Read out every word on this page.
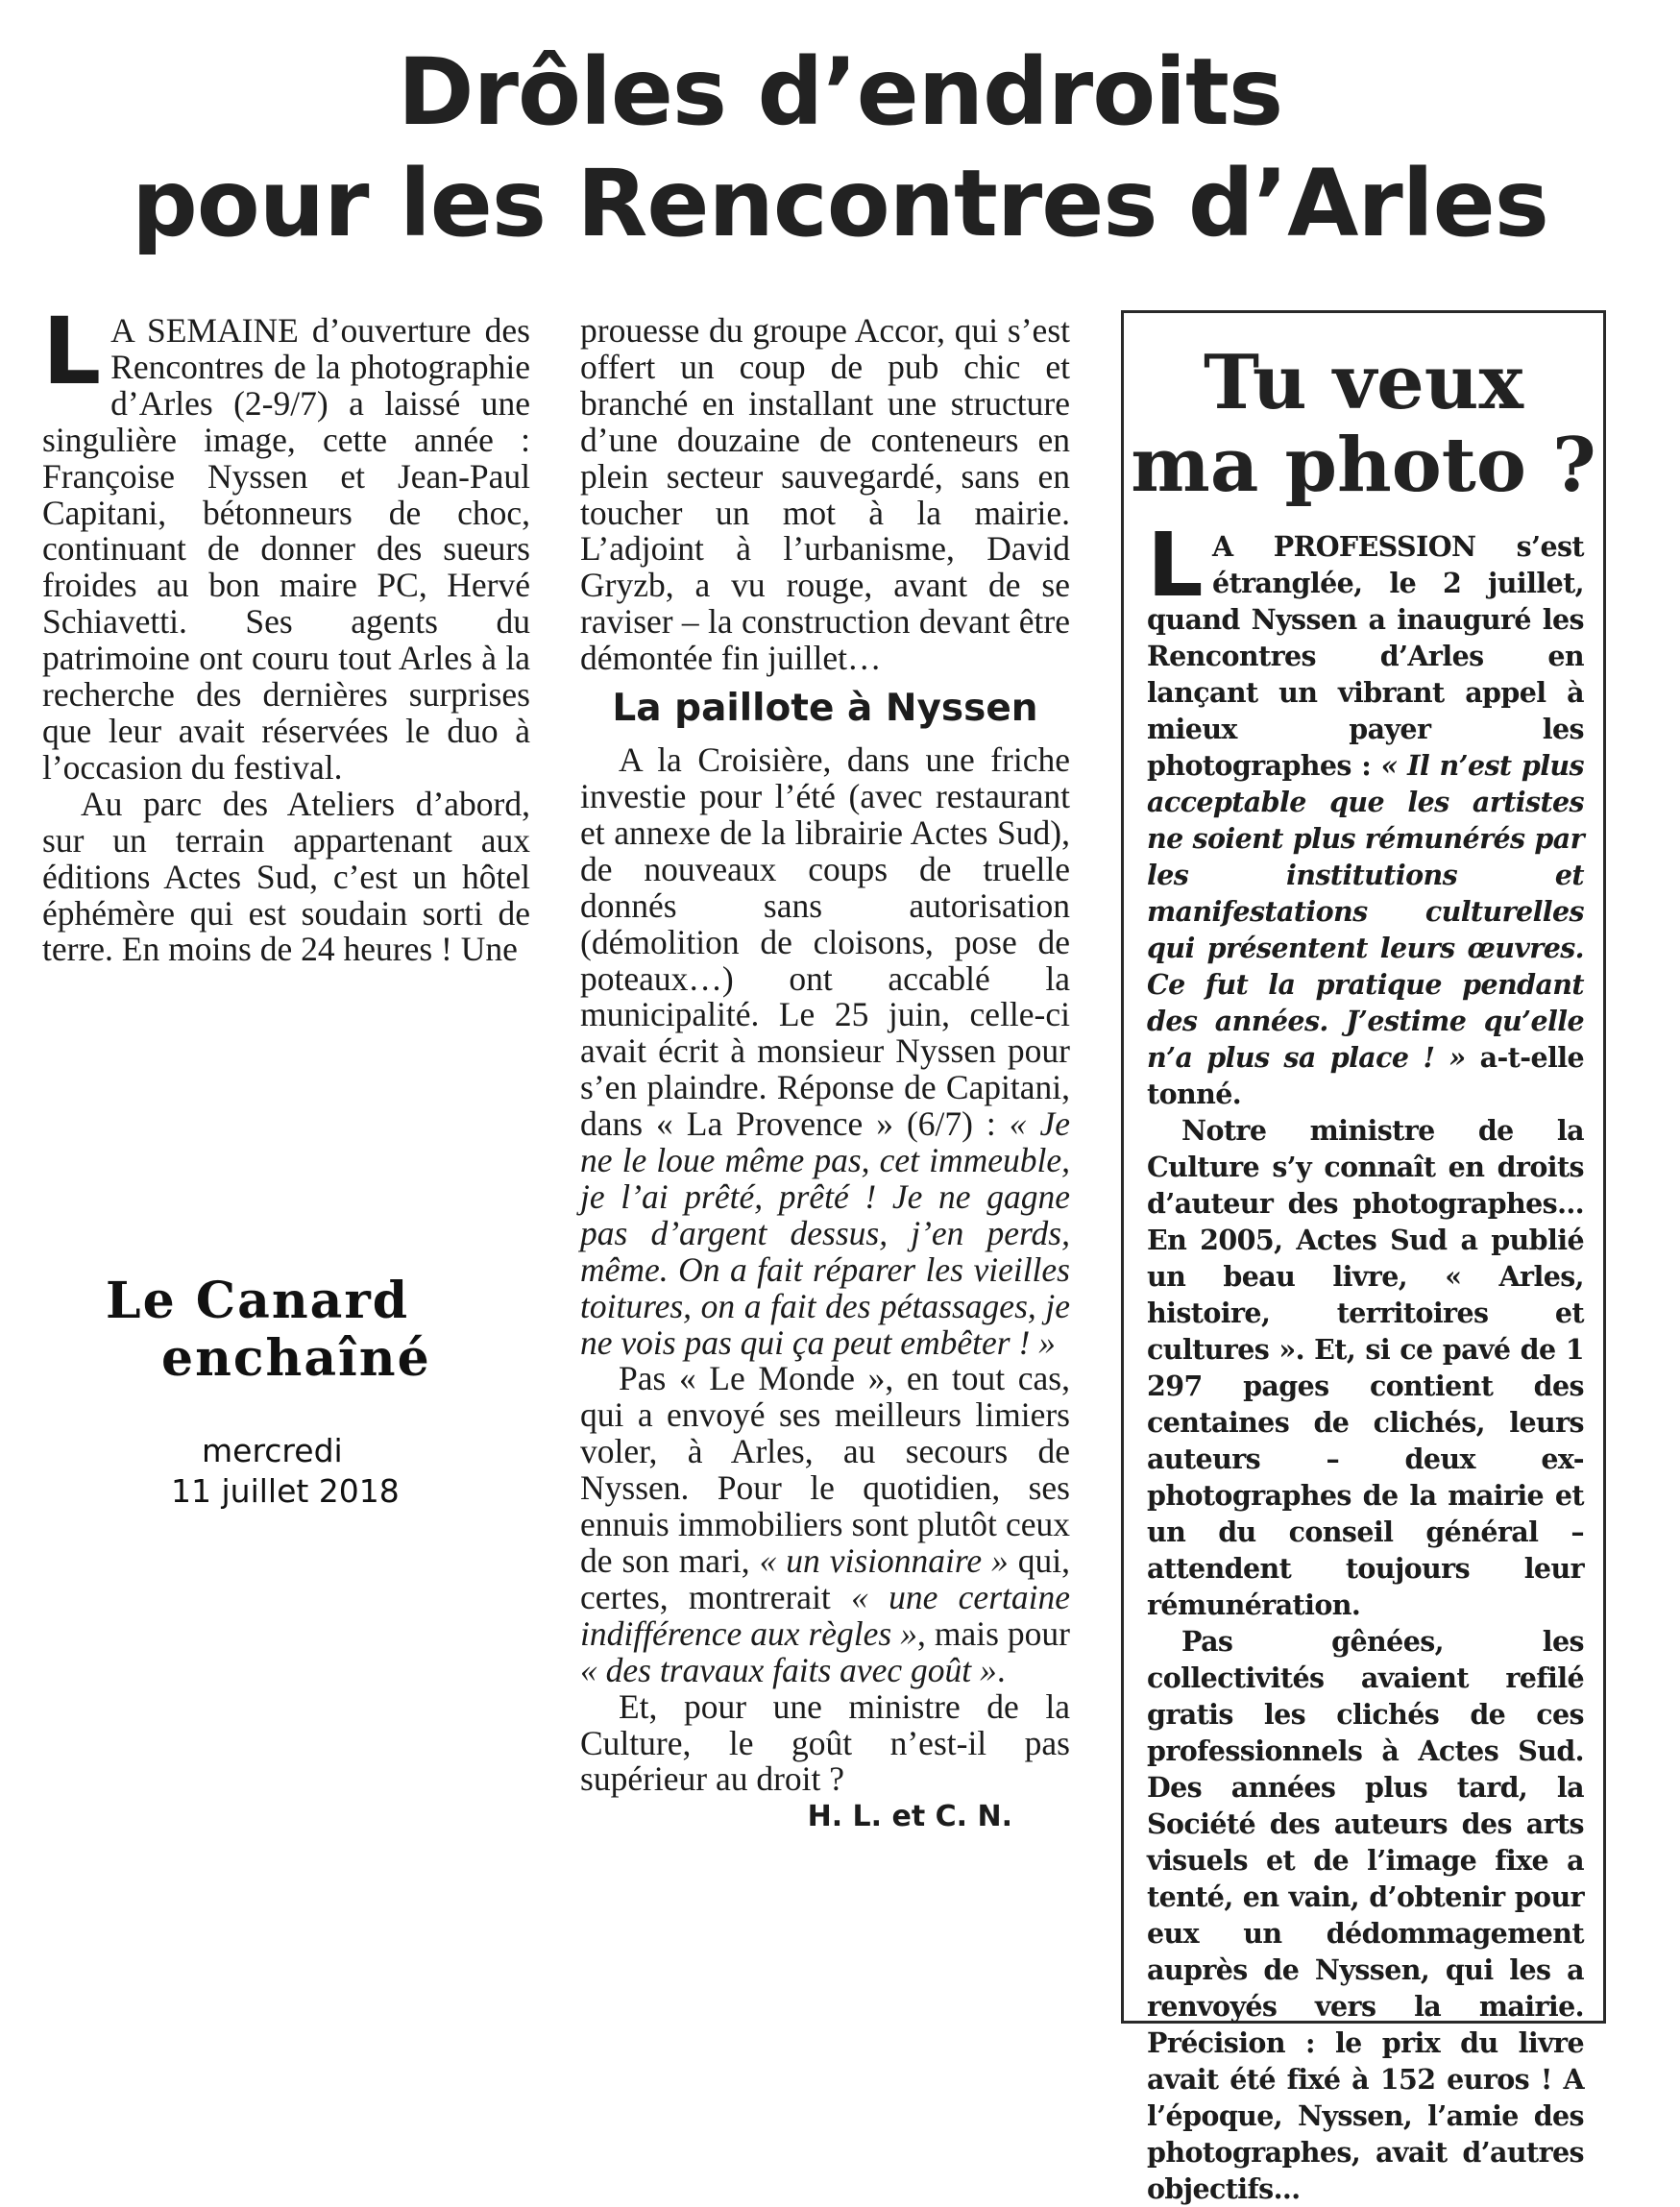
Drôles d’endroits
pour les Rencontres d’Arles

L A SEMAINE d’ouverture des Rencontres de la photographie d’Arles (2-9/7) a laissé une singulière image, cette année : Françoise Nyssen et Jean-Paul Capitani, bétonneurs de choc, continuant de donner des sueurs froides au bon maire PC, Hervé Schiavetti. Ses agents du patrimoine ont couru tout Arles à la recherche des dernières surprises que leur avait réservées le duo à l’occasion du festival.

Au parc des Ateliers d’abord, sur un terrain appartenant aux éditions Actes Sud, c’est un hôtel éphémère qui est soudain sorti de terre. En moins de 24 heures ! Une

prouesse du groupe Accor, qui s’est offert un coup de pub chic et branché en installant une structure d’une douzaine de conteneurs en plein secteur sauvegardé, sans en toucher un mot à la mairie. L’adjoint à l’urbanisme, David Gryzb, a vu rouge, avant de se raviser – la construction devant être démontée fin juillet…

La paillote à Nyssen

A la Croisière, dans une friche investie pour l’été (avec restaurant et annexe de la librairie Actes Sud), de nouveaux coups de truelle donnés sans autorisation (démolition de cloisons, pose de poteaux…) ont accablé la municipalité. Le 25 juin, celle-ci avait écrit à monsieur Nyssen pour s’en plaindre. Réponse de Capitani, dans « La Provence » (6/7) : « Je ne le loue même pas, cet immeuble, je l’ai prêté, prêté ! Je ne gagne pas d’argent dessus, j’en perds, même. On a fait réparer les vieilles toitures, on a fait des pétassages, je ne vois pas qui ça peut embêter ! »

Pas « Le Monde », en tout cas, qui a envoyé ses meilleurs limiers voler, à Arles, au secours de Nyssen. Pour le quotidien, ses ennuis immobiliers sont plutôt ceux de son mari, « un visionnaire » qui, certes, montrerait « une certaine indifférence aux règles », mais pour « des travaux faits avec goût ».

Et, pour une ministre de la Culture, le goût n’est-il pas supérieur au droit ?

H. L. et C. N.
Le Canard
enchaîné
mercredi
11 juillet 2018
Tu veux
ma photo ?

L A PROFESSION s’est étranglée, le 2 juillet, quand Nyssen a inauguré les Rencontres d’Arles en lançant un vibrant appel à mieux payer les photographes : « Il n’est plus acceptable que les artistes ne soient plus rémunérés par les institutions et manifestations culturelles qui présentent leurs œuvres. Ce fut la pratique pendant des années. J’estime qu’elle n’a plus sa place ! » a-t-elle tonné.

Notre ministre de la Culture s’y connaît en droits d’auteur des photographes… En 2005, Actes Sud a publié un beau livre, « Arles, histoire, territoires et cultures ». Et, si ce pavé de 1 297 pages contient des centaines de clichés, leurs auteurs – deux ex-photographes de la mairie et un du conseil général – attendent toujours leur rémunération.

Pas gênées, les collectivités avaient refilé gratis les clichés de ces professionnels à Actes Sud. Des années plus tard, la Société des auteurs des arts visuels et de l’image fixe a tenté, en vain, d’obtenir pour eux un dédommagement auprès de Nyssen, qui les a renvoyés vers la mairie. Précision : le prix du livre avait été fixé à 152 euros ! A l’époque, Nyssen, l’amie des photographes, avait d’autres objectifs…
